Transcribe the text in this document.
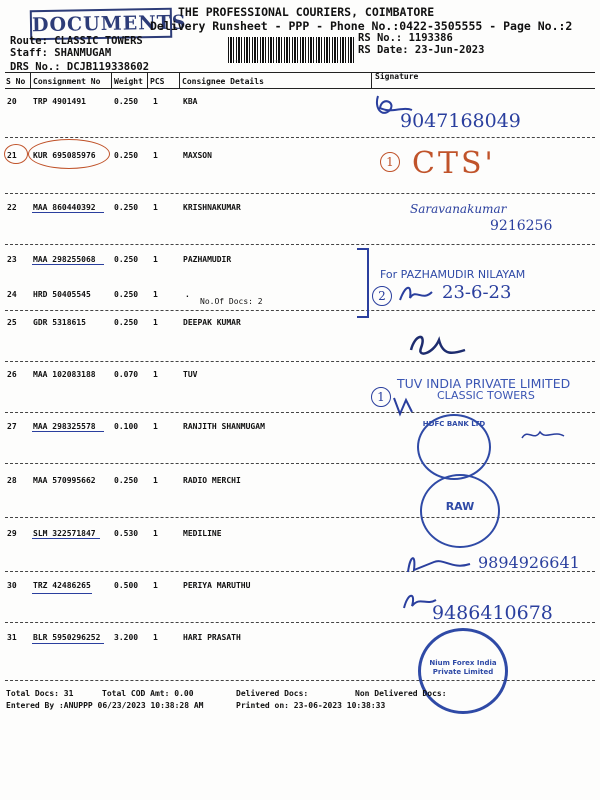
DOCUMENTS
THE PROFESSIONAL COURIERS, COIMBATORE
Delivery Runsheet - PPP - Phone No.:0422-3505555 - Page No.:2
Route: CLASSIC TOWERS
Staff: SHANMUGAM
DRS No.: DCJB119338602
RS No.: 1193386
RS Date: 23-Jun-2023
S No Consignment No Weight PCS Consignee Details
Signature
20 TRP 4901491	0.250 1	KBA
21 KUR 695085976 0.250 1	MAXSON
22 MAA 860440392 0.250 1	KRISHNAKUMAR
23 MAA 298255068 0.250 1	PAZHAMUDIR
24 HRD 50405545	0.250 1	.
No.Of Docs: 2
25 GDR 5318615	0.250 1	DEEPAK KUMAR
26 MAA 102083188 0.070 1	TUV
27 MAA 298325578 0.100 1	RANJITH SHANMUGAM
28 MAA 570995662 0.250 1	RADIO MERCHI
29 SLM 322571847 0.530 1	MEDILINE
30 TRZ 42486265	0.500 1	PERIYA MARUTHU
31 BLR 5950296252 3.200 1	HARI PRASATH
9047168049
1 CTS'
Saravanakumar
9216256
For PAZHAMUDIR NILAYAM
2	23-6-23
TUV INDIA PRIVATE LIMITED
CLASSIC TOWERS
1
HDFC BANK LTD
RAW
9894926641
9486410678
Nium Forex India Private Limited
Total Docs: 31	Total COD Amt: 0.00	Delivered Docs:	Non Delivered Docs:
Entered By :ANUPPP 06/23/2023 10:38:28 AM	Printed on: 23-06-2023 10:38:33
